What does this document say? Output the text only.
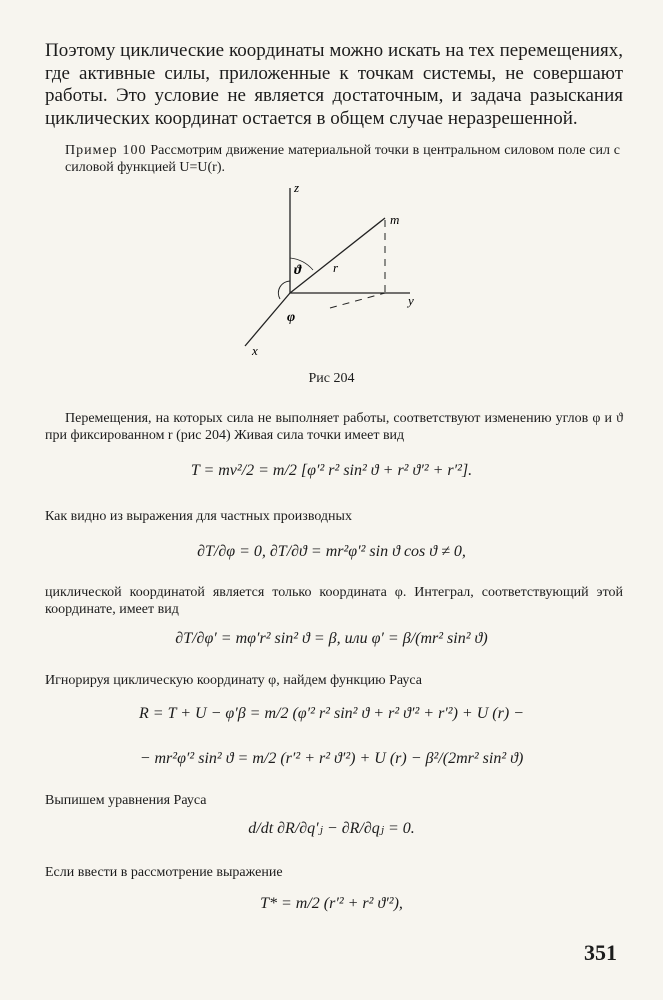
Поэтому циклические координаты можно искать на тех перемещениях, где активные силы, приложенные к точкам системы, не совершают работы. Это условие не является достаточным, и задача разыскания циклических координат остается в общем случае неразрешенной.

Пример 100 Рассмотрим движение материальной точки в центральном силовом поле сил с силовой функцией U=U(r).

z
m
r
y
x
ϑ
φ

Рис 204

Перемещения, на которых сила не выполняет работы, соответствуют изменению углов φ и ϑ при фиксированном r (рис 204) Живая сила точки имеет вид

T = mv²/2 = m/2 [φ′² r² sin² ϑ + r² ϑ′² + r′²].

Как видно из выражения для частных производных

∂T/∂φ = 0, ∂T/∂ϑ = mr²φ′² sin ϑ cos ϑ ≠ 0,

циклической координатой является только координата φ. Интеграл, соответствующий этой координате, имеет вид

∂T/∂φ′ = mφ′r² sin² ϑ = β, или φ′ = β/(mr² sin² ϑ)

Игнорируя циклическую координату φ, найдем функцию Рауса

R = T + U − φ′β = m/2 (φ′² r² sin² ϑ + r² ϑ′² + r′²) + U (r) −
− mr²φ′² sin² ϑ = m/2 (r′² + r² ϑ′²) + U (r) − β²/(2mr² sin² ϑ)

Выпишем уравнения Рауса

d/dt ∂R/∂q′ⱼ − ∂R/∂qⱼ = 0.

Если ввести в рассмотрение выражение

T* = m/2 (r′² + r² ϑ′²),
351
